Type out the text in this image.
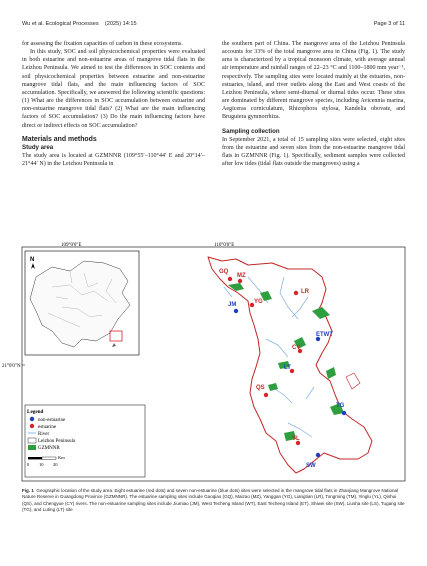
Wu et al. Ecological Processes (2025) 14:15	Page 3 of 11

for assessing the fixation capacities of carbon in these ecosystems.

In this study, SOC and soil physicochemical properties were evaluated in both estuarine and non-estuarine areas of mangrove tidal flats in the Leizhou Peninsula. We aimed to test the differences in SOC contents and soil physicochemical properties between estuarine and non-estuarine mangrove tidal flats, and the main influencing factors of SOC accumulation. Specifically, we answered the following scientific questions: (1) What are the differences in SOC accumulation between estuarine and non-estuarine mangrove tidal flats? (2) What are the main influencing factors of SOC accumulation? (3) Do the main influencing factors have direct or indirect effects on SOC accumulation?

Materials and methods
Study area

The study area is located at GZMNNR (109°55′–110°44′ E and 20°14′–21°44′ N) in the Leizhou Peninsula in

the southern part of China. The mangrove area of the Leizhou Peninsula accounts for 33% of the total mangrove area in China (Fig. 1). The study area is characterized by a tropical monsoon climate, with average annual air temperature and rainfall ranges of 22–23 °C and 1100–1800 mm year⁻¹, respectively. The sampling sites were located mainly at the estuaries, non-estuaries, island, and river outlets along the East and West coasts of the Leizhou Peninsula, where semi-diurnal or diurnal tides occur. These sites are dominated by different mangrove species, including Avicennia marina, Aegiceras corniculatum, Rhizophora stylosa, Kandelia obovate, and Bruguiera gymnorrhiza.

Sampling collection

In September 2021, a total of 15 sampling sites were selected, eight sites from the estuarine and seven sites from the non-estuarine mangrove tidal flats in GZMNNR (Fig. 1). Specifically, sediment samples were collected after low tides (tidal flats outside the mangroves) using a

109°0'0"E	110°0'0"E
21°0'0"N
N
Legend
non-estuarine
estuarine
River
Leizhou Peninsula
GZMNNR
Km
0 10 20
GQ
MZ
LR
YG
JM
ETWT
CY
LT
QS
TG
YL
SW
Fig. 1 Geographic location of the study area. Eight estuarine (red dots) and seven non-estuarine (blue dots) sites were selected in the mangrove tidal flats in Zhanjiang Mangrove National Nature Reserve in Guangdong Province (GZMNNR). The estuarine sampling sites include Gaoqiao (GQ), Maizao (MZ), Yanggan (YG), Liangtian (LR), Tongming (TM), Yinglu (YL), Qishui (QS), and Chengyue (CY) rivers. The non-estuarine sampling sites include Jiumiao (JM), West Techeng Island (WT), East Techeng Island (ET), Shiwei site (SW), Liusha site (LS), Tugang site (TG), and Luting (LT) site
